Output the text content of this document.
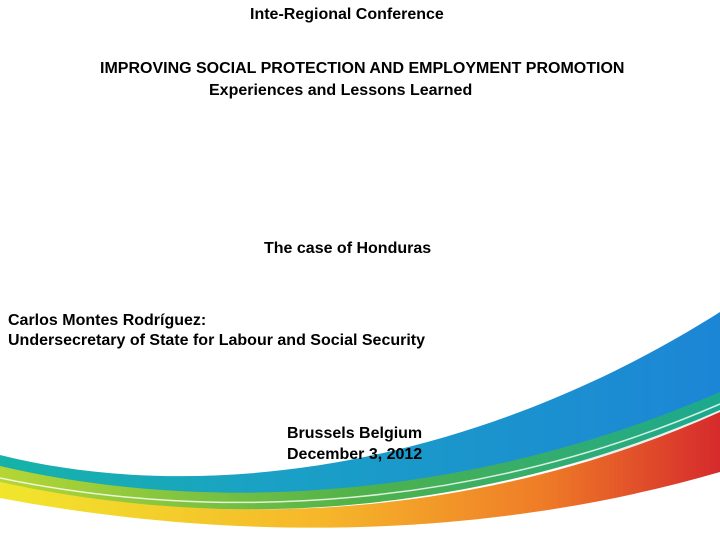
Inte-Regional Conference
IMPROVING SOCIAL PROTECTION AND EMPLOYMENT PROMOTION
Experiences and Lessons Learned
The case of Honduras
Carlos Montes Rodríguez:
Undersecretary of State for Labour and Social Security
Brussels Belgium
December 3, 2012
